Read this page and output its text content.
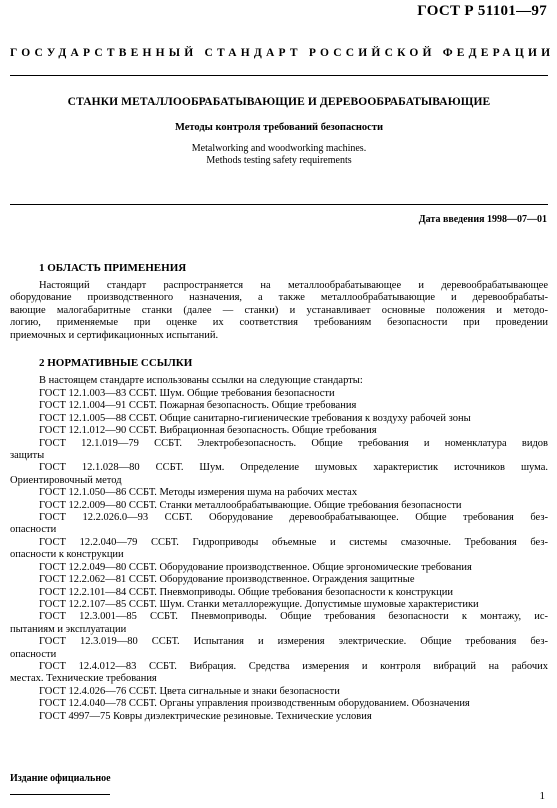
ГОСТ Р 51101—97
ГОСУДАРСТВЕННЫЙ СТАНДАРТ РОССИЙСКОЙ ФЕДЕРАЦИИ
СТАНКИ МЕТАЛЛООБРАБАТЫВАЮЩИЕ И ДЕРЕВООБРАБАТЫВАЮЩИЕ
Методы контроля требований безопасности
Metalworking and woodworking machines.
Methods testing safety requirements
Дата введения 1998—07—01
1 ОБЛАСТЬ ПРИМЕНЕНИЯ
Настоящий стандарт распространяется на металлообрабатывающее и деревообрабатывающее
оборудование производственного назначения, а также металлообрабатывающие и деревообрабаты-
вающие малогабаритные станки (далее — станки) и устанавливает основные положения и методо-
логию, применяемые при оценке их соответствия требованиям безопасности при проведении
приемочных и сертификационных испытаний.
2 НОРМАТИВНЫЕ ССЫЛКИ
В настоящем стандарте использованы ссылки на следующие стандарты:
ГОСТ 12.1.003—83 ССБТ. Шум. Общие требования безопасности
ГОСТ 12.1.004—91 ССБТ. Пожарная безопасность. Общие требования
ГОСТ 12.1.005—88 ССБТ. Общие санитарно-гигиенические требования к воздуху рабочей зоны
ГОСТ 12.1.012—90 ССБТ. Вибрационная безопасность. Общие требования
ГОСТ 12.1.019—79 ССБТ. Электробезопасность. Общие требования и номенклатура видов
защиты
ГОСТ 12.1.028—80 ССБТ. Шум. Определение шумовых характеристик источников шума.
Ориентировочный метод
ГОСТ 12.1.050—86 ССБТ. Методы измерения шума на рабочих местах
ГОСТ 12.2.009—80 ССБТ. Станки металлообрабатывающие. Общие требования безопасности
ГОСТ 12.2.026.0—93 ССБТ. Оборудование деревообрабатывающее. Общие требования без-
опасности
ГОСТ 12.2.040—79 ССБТ. Гидроприводы объемные и системы смазочные. Требования без-
опасности к конструкции
ГОСТ 12.2.049—80 ССБТ. Оборудование производственное. Общие эргономические требования
ГОСТ 12.2.062—81 ССБТ. Оборудование производственное. Ограждения защитные
ГОСТ 12.2.101—84 ССБТ. Пневмоприводы. Общие требования безопасности к конструкции
ГОСТ 12.2.107—85 ССБТ. Шум. Станки металлорежущие. Допустимые шумовые характеристики
ГОСТ 12.3.001—85 ССБТ. Пневмоприводы. Общие требования безопасности к монтажу, ис-
пытаниям и эксплуатации
ГОСТ 12.3.019—80 ССБТ. Испытания и измерения электрические. Общие требования без-
опасности
ГОСТ 12.4.012—83 ССБТ. Вибрация. Средства измерения и контроля вибраций на рабочих
местах. Технические требования
ГОСТ 12.4.026—76 ССБТ. Цвета сигнальные и знаки безопасности
ГОСТ 12.4.040—78 ССБТ. Органы управления производственным оборудованием. Обозначения
ГОСТ 4997—75 Ковры диэлектрические резиновые. Технические условия
Издание официальное
1
